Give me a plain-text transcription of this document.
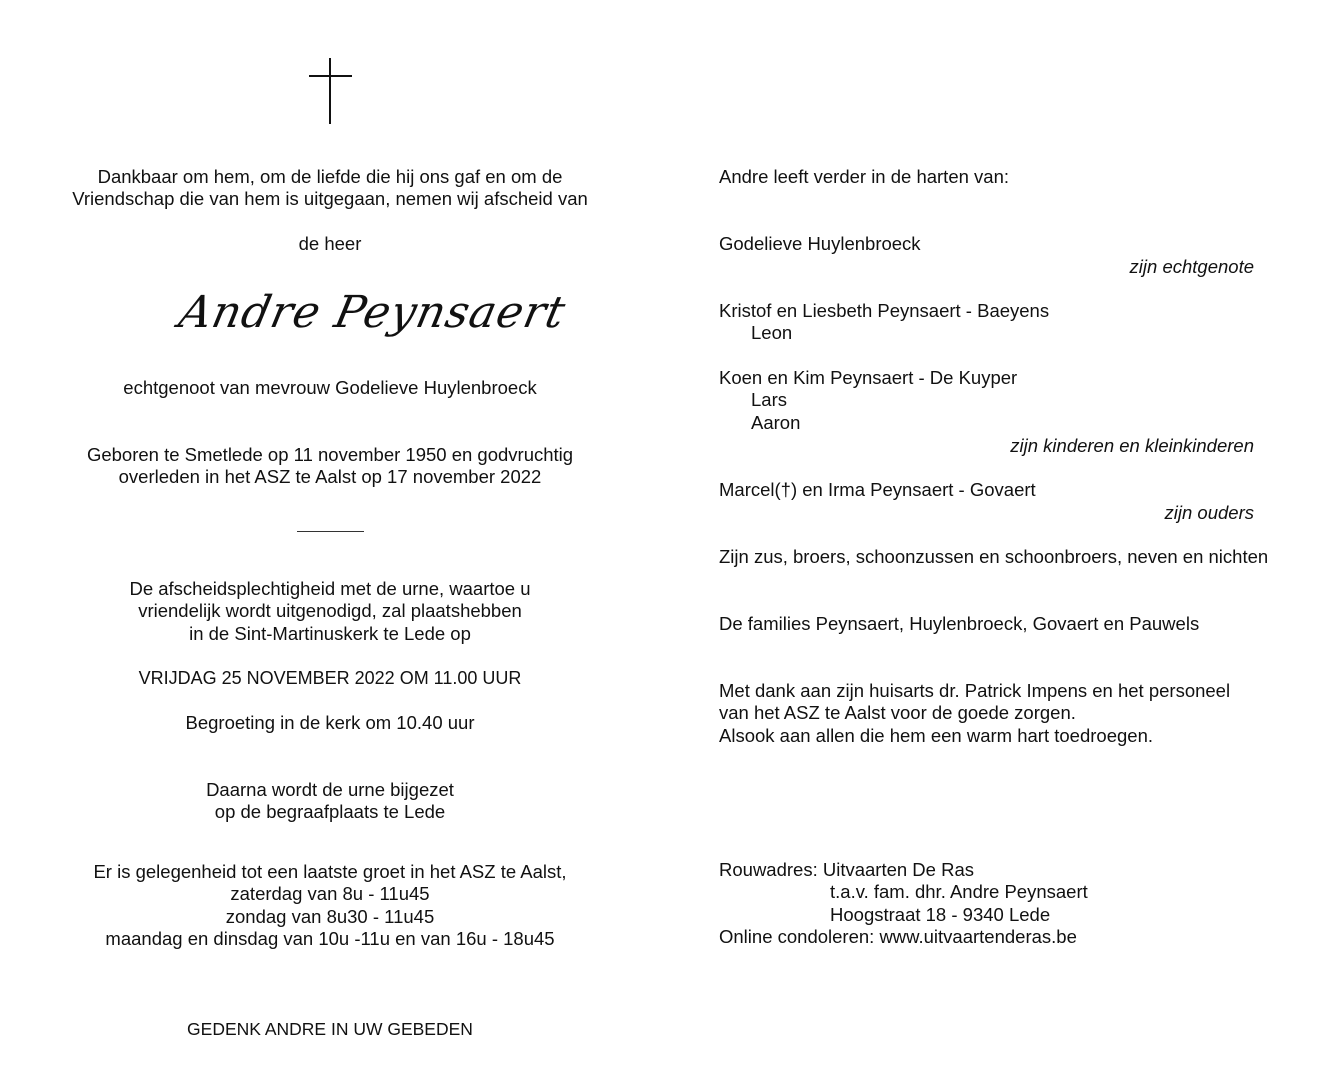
Dankbaar om hem, om de liefde die hij ons gaf en om de
Vriendschap die van hem is uitgegaan, nemen wij afscheid van
de heer
Andre Peynsaert
echtgenoot van mevrouw Godelieve Huylenbroeck
Geboren te Smetlede op 11 november 1950 en godvruchtig
overleden in het ASZ te Aalst op 17 november 2022
De afscheidsplechtigheid met de urne, waartoe u
vriendelijk wordt uitgenodigd, zal plaatshebben
in de Sint-Martinuskerk te Lede op
VRIJDAG 25 NOVEMBER 2022 OM 11.00 UUR
Begroeting in de kerk om 10.40 uur
Daarna wordt de urne bijgezet
op de begraafplaats te Lede
Er is gelegenheid tot een laatste groet in het ASZ te Aalst,
zaterdag van 8u - 11u45
zondag van 8u30 - 11u45
maandag en dinsdag van 10u -11u en van 16u - 18u45
GEDENK ANDRE IN UW GEBEDEN
Andre leeft verder in de harten van:
Godelieve Huylenbroeck
zijn echtgenote
Kristof en Liesbeth Peynsaert - Baeyens
Leon
Koen en Kim Peynsaert - De Kuyper
Lars
Aaron
zijn kinderen en kleinkinderen
Marcel(†) en Irma Peynsaert - Govaert
zijn ouders
Zijn zus, broers, schoonzussen en schoonbroers, neven en nichten
De families Peynsaert, Huylenbroeck, Govaert en Pauwels
Met dank aan zijn huisarts dr. Patrick Impens en het personeel
van het ASZ te Aalst voor de goede zorgen.
Alsook aan allen die hem een warm hart toedroegen.
Rouwadres: Uitvaarten De Ras
t.a.v. fam. dhr. Andre Peynsaert
Hoogstraat 18 - 9340 Lede
Online condoleren: www.uitvaartenderas.be
